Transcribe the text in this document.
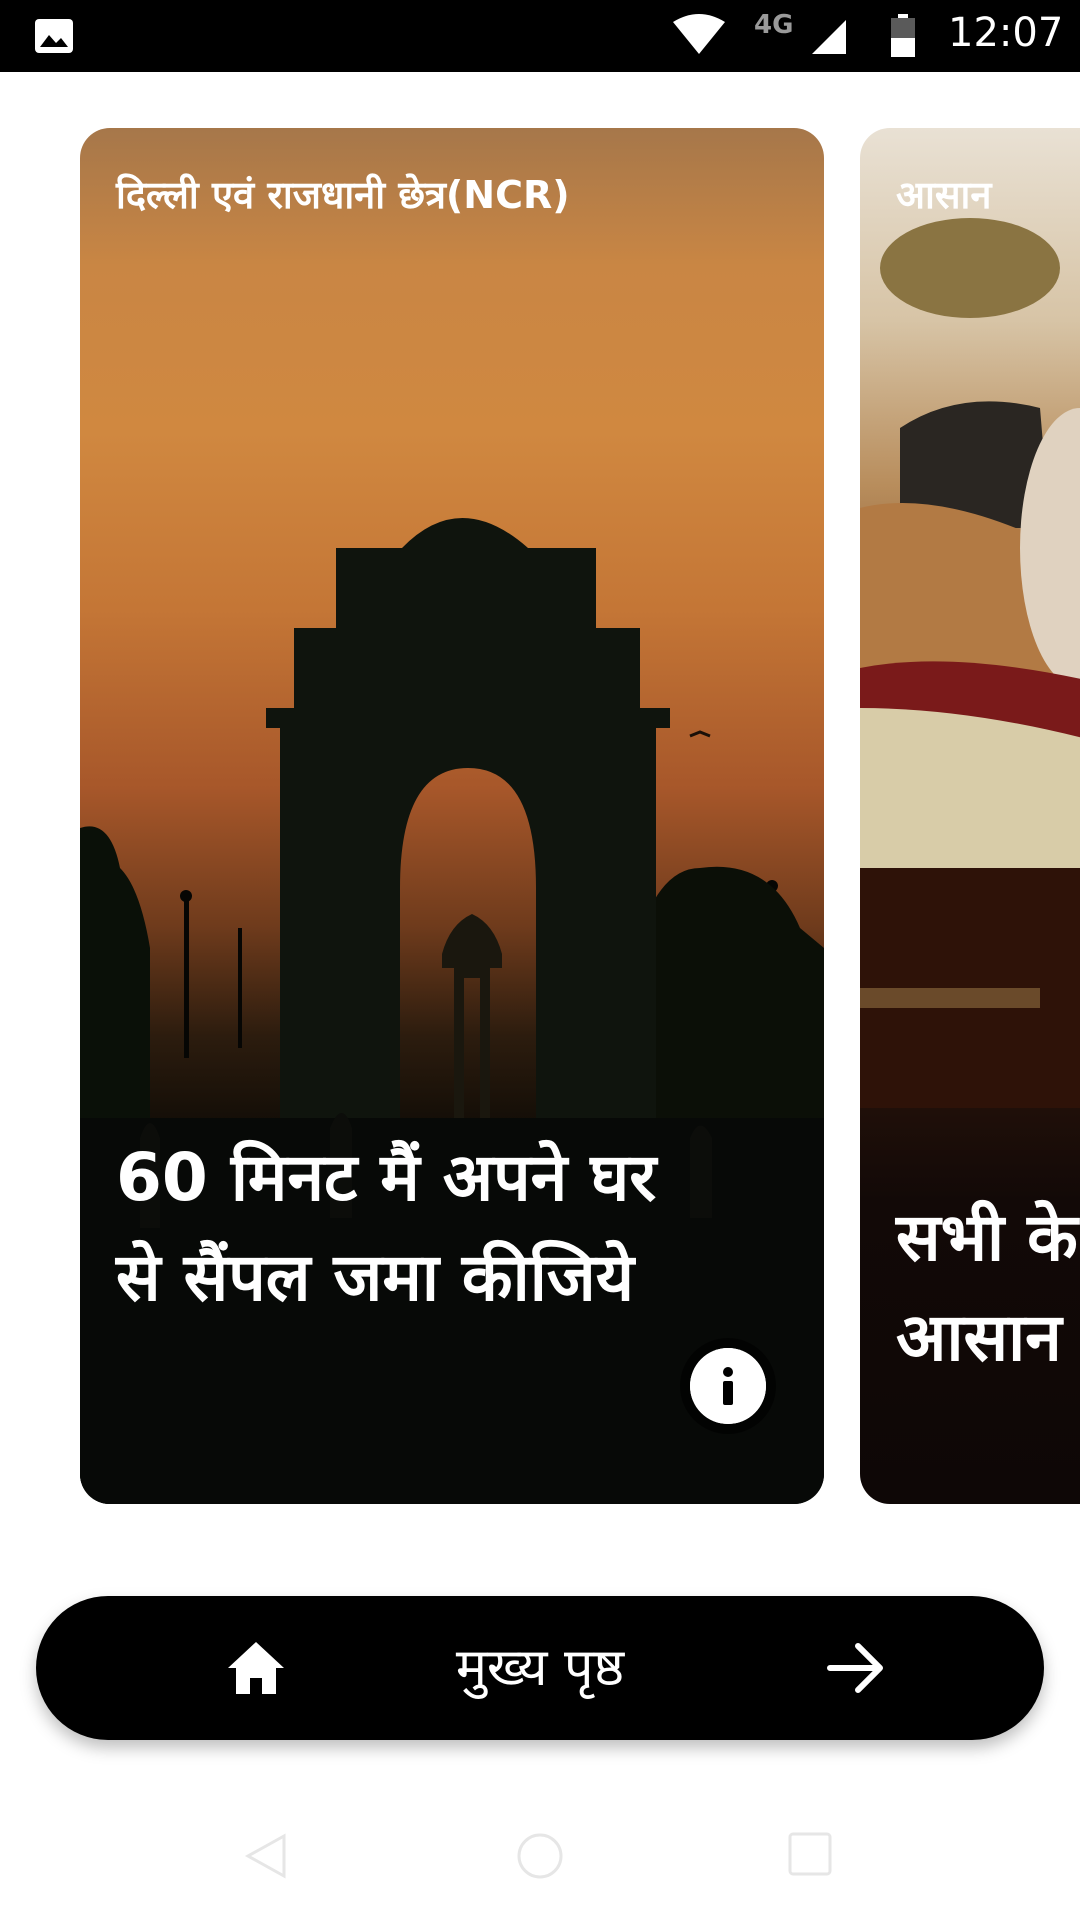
4G	12:07
दिल्ली एवं राजधानी छेत्र(NCR)
60 मिनट मैं अपने घर से सैंपल जमा कीजिये
आसान
सभी के
आसान
मुख्य पृष्ठ
